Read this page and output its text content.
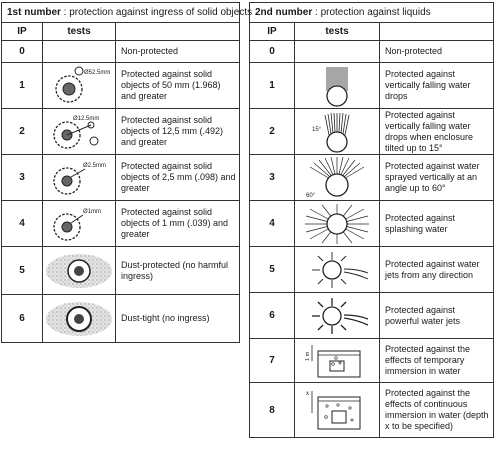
1st number : protection against ingress of solid objects		
IP	tests	
0		Non-protected
1	Ø52.5mm	Protected against solid objects of 50 mm (1.968) and greater
2	Ø12.5mm	Protected against solid objects of 12,5 mm (.492) and greater
3	Ø2.5mm	Protected against solid objects of 2,5 mm (.098) and greater
4	Ø1mm	Protected against solid objects of 1 mm (.039) and greater
5		Dust-protected (no harmful ingress)
6		Dust-tight (no ingress)
2nd number : protection against liquids		
IP	tests	
0		Non-protected
1		Protected against vertically falling water drops
2	15°	Protected against vertically falling water drops when enclosure tilted up to 15°
3	60°	Protected against water sprayed vertically at an angle up to 60°
4		Protected against splashing water
5		Protected against water jets from any direction
6		Protected against powerful water jets
7	1 m	Protected against the effects of temporary immersion in water
8	x	Protected against the effects of continuous immersion in water (depth x to be specified)
